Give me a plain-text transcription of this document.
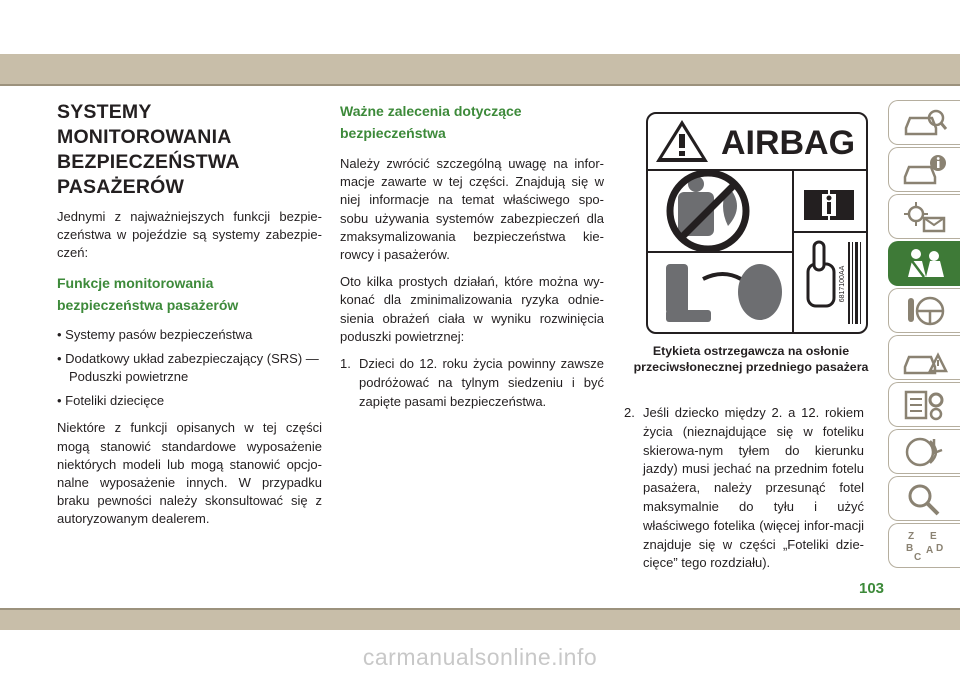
SYSTEMY
MONITOROWANIA
BEZPIECZEŃSTWA
PASAŻERÓW

Jednymi z najważniejszych funkcji bezpie-czeństwa w pojeździe są systemy zabezpie-czeń:

Funkcje monitorowania bezpieczeństwa pasażerów
• Systemy pasów bezpieczeństwa
• Dodatkowy układ zabezpieczający (SRS) — Poduszki powietrzne
• Foteliki dziecięce

Niektóre z funkcji opisanych w tej części mogą stanowić standardowe wyposażenie niektórych modeli lub mogą stanowić opcjo-nalne wyposażenie innych. W przypadku braku pewności należy skonsultować się z autoryzowanym dealerem.

Ważne zalecenia dotyczące bezpieczeństwa

Należy zwrócić szczególną uwagę na infor-macje zawarte w tej części. Znajdują się w niej informacje na temat właściwego spo-sobu używania systemów zabezpieczeń dla zmaksymalizowania bezpieczeństwa kie-rowcy i pasażerów.

Oto kilka prostych działań, które można wy-konać dla zminimalizowania ryzyka odnie-sienia obrażeń ciała w wyniku rozwinięcia poduszki powietrznej:

1. Dzieci do 12. roku życia powinny zawsze podróżować na tylnym siedzeniu i być zapięte pasami bezpieczeństwa.
AIRBAG
6817100AA
Etykieta ostrzegawcza na osłonie przeciwsłonecznej przedniego pasażera
2. Jeśli dziecko między 2. a 12. rokiem życia (nieznajdujące się w foteliku skierowa-nym tyłem do kierunku jazdy) musi jechać na przednim fotelu pasażera, należy przesunąć fotel maksymalnie do tyłu i użyć właściwego fotelika (więcej infor-macji znajduje się w części „Foteliki dzie-cięce” tego rozdziału).
Z E
B A
C
D
103
carmanualsonline.info
